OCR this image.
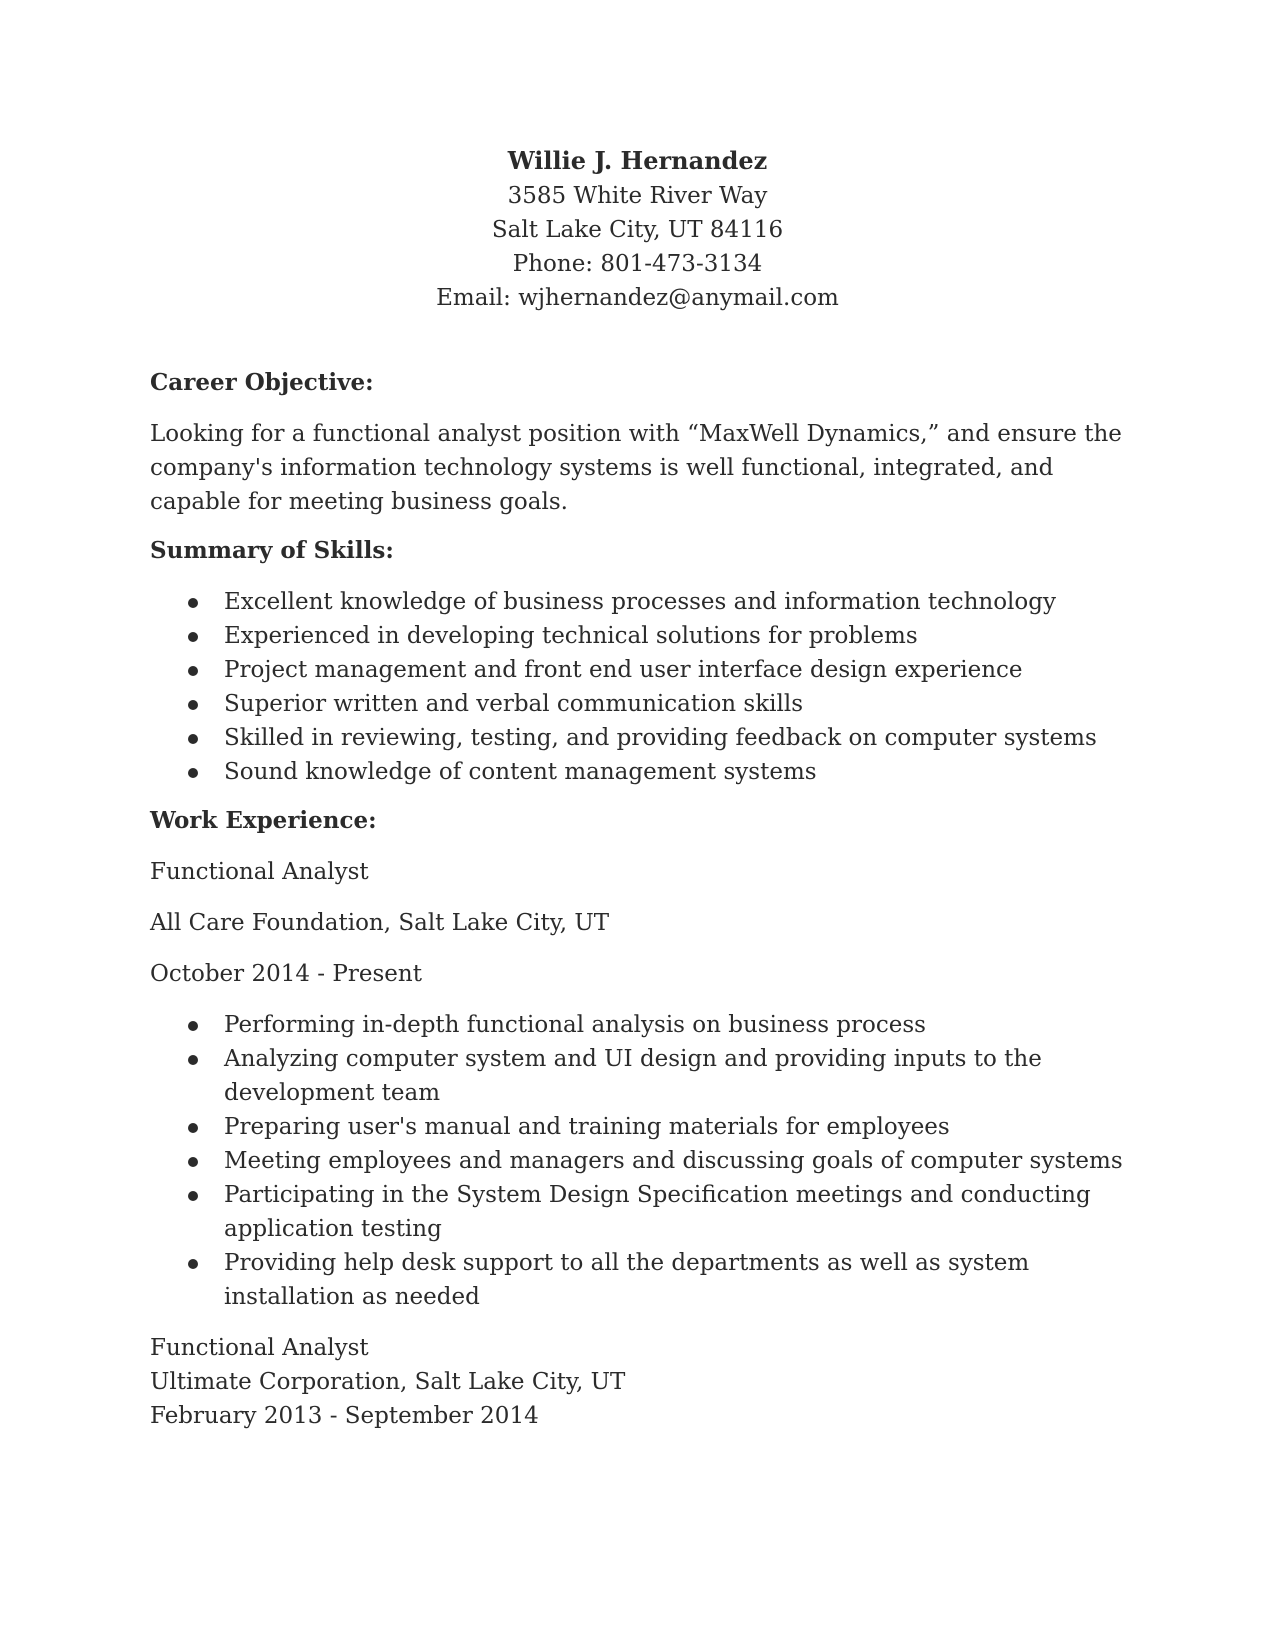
Willie J. Hernandez
3585 White River Way
Salt Lake City, UT 84116
Phone: 801-473-3134
Email: wjhernandez@anymail.com
Career Objective:
Looking for a functional analyst position with “MaxWell Dynamics,” and ensure the company's information technology systems is well functional, integrated, and capable for meeting business goals.
Summary of Skills:
Excellent knowledge of business processes and information technology
Experienced in developing technical solutions for problems
Project management and front end user interface design experience
Superior written and verbal communication skills
Skilled in reviewing, testing, and providing feedback on computer systems
Sound knowledge of content management systems
Work Experience:
Functional Analyst
All Care Foundation, Salt Lake City, UT
October 2014 - Present
Performing in-depth functional analysis on business process
Analyzing computer system and UI design and providing inputs to the development team
Preparing user's manual and training materials for employees
Meeting employees and managers and discussing goals of computer systems
Participating in the System Design Specification meetings and conducting application testing
Providing help desk support to all the departments as well as system installation as needed
Functional Analyst
Ultimate Corporation, Salt Lake City, UT
February 2013 - September 2014
